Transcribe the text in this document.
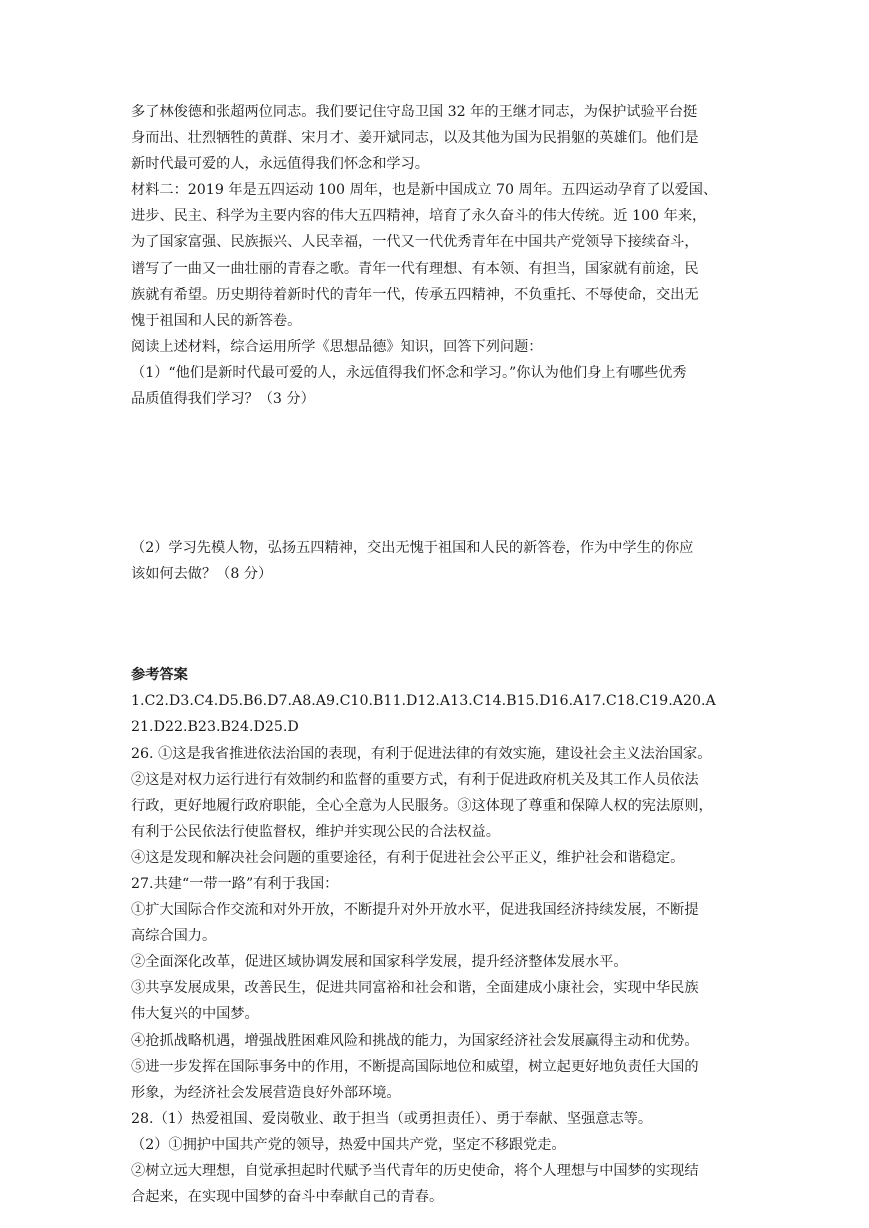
多了林俊德和张超两位同志。我们要记住守岛卫国 32 年的王继才同志，为保护试验平台挺
身而出、壮烈牺牲的黄群、宋月才、姜开斌同志，以及其他为国为民捐躯的英雄们。他们是
新时代最可爱的人，永远值得我们怀念和学习。
材料二：2019 年是五四运动 100 周年，也是新中国成立 70 周年。五四运动孕育了以爱国、
进步、民主、科学为主要内容的伟大五四精神，培育了永久奋斗的伟大传统。近 100 年来，
为了国家富强、民族振兴、人民幸福，一代又一代优秀青年在中国共产党领导下接续奋斗，
谱写了一曲又一曲壮丽的青春之歌。青年一代有理想、有本领、有担当，国家就有前途，民
族就有希望。历史期待着新时代的青年一代，传承五四精神，不负重托、不辱使命，交出无
愧于祖国和人民的新答卷。
阅读上述材料，综合运用所学《思想品德》知识，回答下列问题：
（1）“他们是新时代最可爱的人，永远值得我们怀念和学习。”你认为他们身上有哪些优秀
品质值得我们学习？（3 分）
（2）学习先模人物，弘扬五四精神，交出无愧于祖国和人民的新答卷，作为中学生的你应
该如何去做？（8 分）
参考答案
1.C2.D3.C4.D5.B6.D7.A8.A9.C10.B11.D12.A13.C14.B15.D16.A17.C18.C19.A20.A
21.D22.B23.B24.D25.D
26. ①这是我省推进依法治国的表现，有利于促进法律的有效实施，建设社会主义法治国家。
②这是对权力运行进行有效制约和监督的重要方式，有利于促进政府机关及其工作人员依法
行政，更好地履行政府职能，全心全意为人民服务。③这体现了尊重和保障人权的宪法原则，
有利于公民依法行使监督权，维护并实现公民的合法权益。
④这是发现和解决社会问题的重要途径，有利于促进社会公平正义，维护社会和谐稳定。
27.共建“一带一路”有利于我国：
①扩大国际合作交流和对外开放，不断提升对外开放水平，促进我国经济持续发展，不断提
高综合国力。
②全面深化改革，促进区域协调发展和国家科学发展，提升经济整体发展水平。
③共享发展成果，改善民生，促进共同富裕和社会和谐，全面建成小康社会，实现中华民族
伟大复兴的中国梦。
④抢抓战略机遇，增强战胜困难风险和挑战的能力，为国家经济社会发展赢得主动和优势。
⑤进一步发挥在国际事务中的作用，不断提高国际地位和威望，树立起更好地负责任大国的
形象，为经济社会发展营造良好外部环境。
28.（1）热爱祖国、爱岗敬业、敢于担当（或勇担责任）、勇于奉献、坚强意志等。
（2）①拥护中国共产党的领导，热爱中国共产党，坚定不移跟党走。
②树立远大理想，自觉承担起时代赋予当代青年的历史使命，将个人理想与中国梦的实现结
合起来，在实现中国梦的奋斗中奉献自己的青春。
